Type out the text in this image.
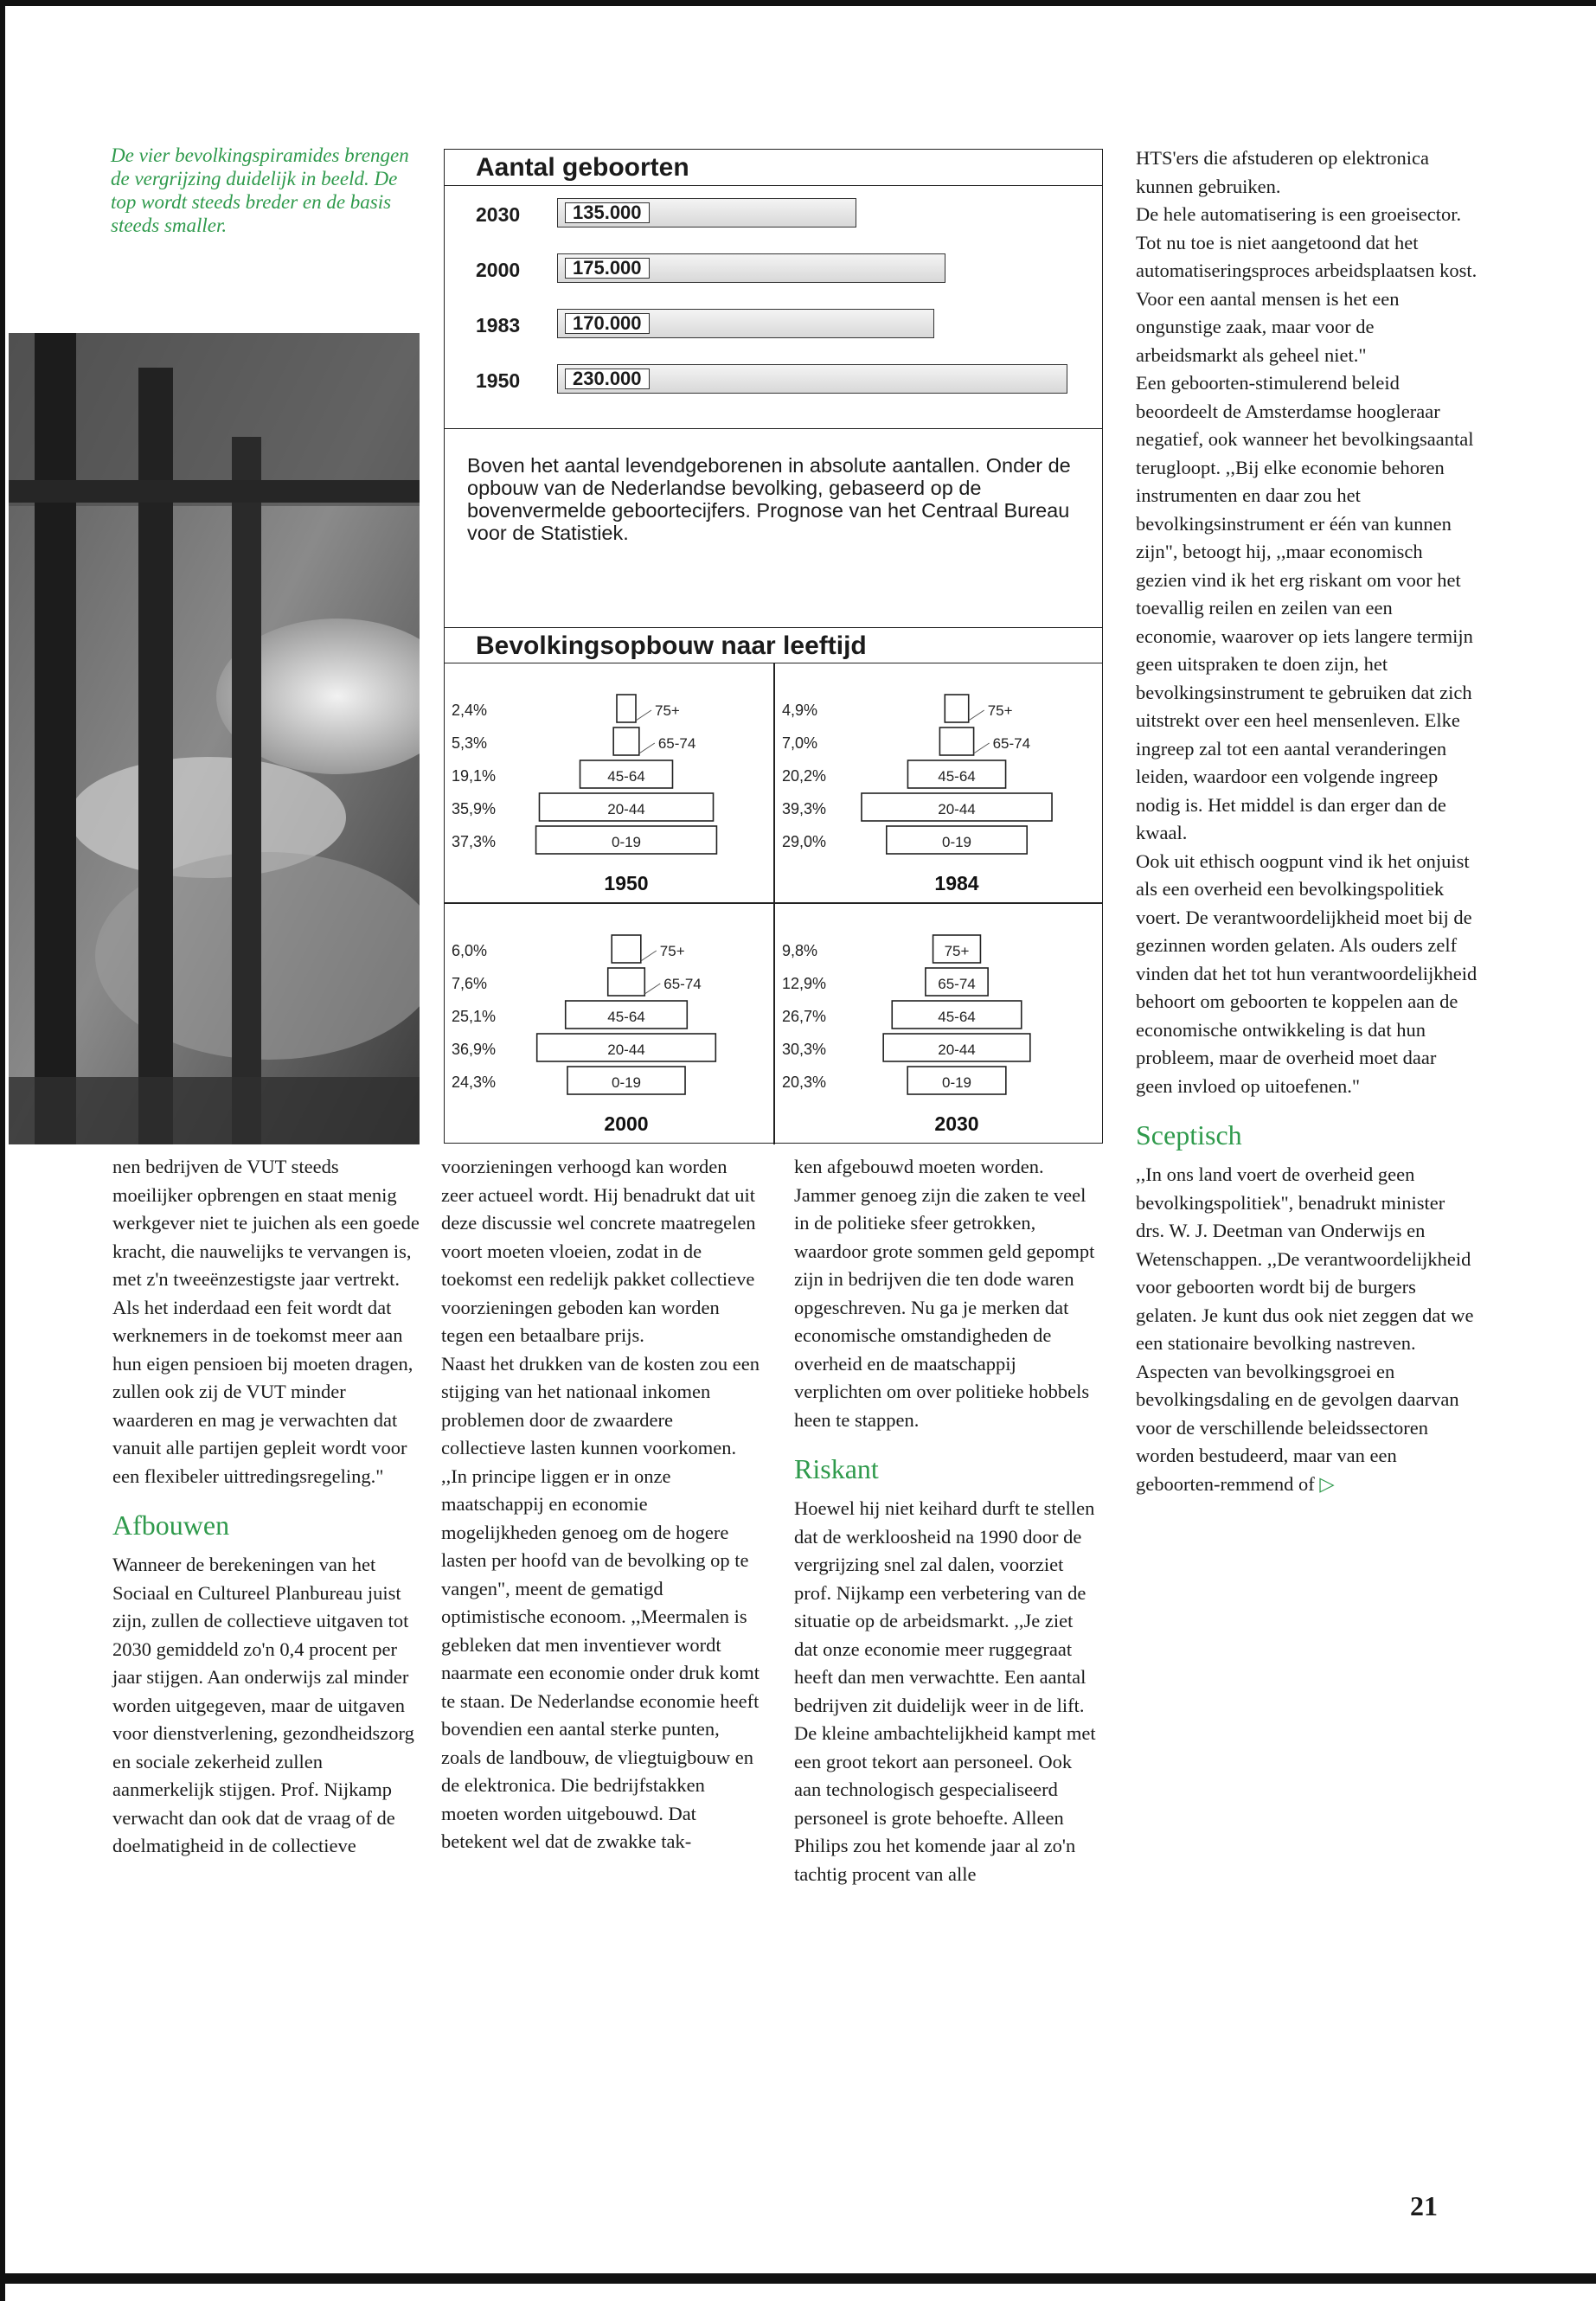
De vier bevolkingspiramides brengen de vergrijzing duidelijk in beeld. De top wordt steeds breder en de basis steeds smaller.
Aantal geboorten
2030	135.000
2000	175.000
1983	170.000
1950	230.000
Boven het aantal levendgeborenen in absolute aantallen. Onder de opbouw van de Nederlandse bevolking, gebaseerd op de bovenvermelde geboortecijfers. Prognose van het Centraal Bureau voor de Statistiek.
Bevolkingsopbouw naar leeftijd
37,3%	0-19
35,9%	20-44
19,1%	45-64
5,3%	65-74
2,4%	75+
1950
29,0%	0-19
39,3%	20-44
20,2%	45-64
7,0%	65-74
4,9%	75+
1984
24,3%	0-19
36,9%	20-44
25,1%	45-64
7,6%	65-74
6,0%	75+
2000
20,3%	0-19
30,3%	20-44
26,7%	45-64
12,9%	65-74
9,8%	75+
2030

nen bedrijven de VUT steeds moeilijker opbrengen en staat menig werkgever niet te juichen als een goede kracht, die nauwelijks te vervangen is, met z'n tweeënzestigste jaar vertrekt. Als het inderdaad een feit wordt dat werknemers in de toekomst meer aan hun eigen pensioen bij moeten dragen, zullen ook zij de VUT minder waarderen en mag je verwachten dat vanuit alle partijen gepleit wordt voor een flexibeler uittredingsregeling."

Afbouwen

Wanneer de berekeningen van het Sociaal en Cultureel Planbureau juist zijn, zullen de collectieve uitgaven tot 2030 gemiddeld zo'n 0,4 procent per jaar stijgen. Aan onderwijs zal minder worden uitgegeven, maar de uitgaven voor dienstverlening, gezondheidszorg en sociale zekerheid zullen aanmerkelijk stijgen. Prof. Nijkamp verwacht dan ook dat de vraag of de doelmatigheid in de collectieve

voorzieningen verhoogd kan worden zeer actueel wordt. Hij benadrukt dat uit deze discussie wel concrete maatregelen voort moeten vloeien, zodat in de toekomst een redelijk pakket collectieve voorzieningen geboden kan worden tegen een betaalbare prijs.

Naast het drukken van de kosten zou een stijging van het nationaal inkomen problemen door de zwaardere collectieve lasten kunnen voorkomen. ,,In principe liggen er in onze maatschappij en economie mogelijkheden genoeg om de hogere lasten per hoofd van de bevolking op te vangen", meent de gematigd optimistische econoom. ,,Meermalen is gebleken dat men inventiever wordt naarmate een economie onder druk komt te staan. De Nederlandse economie heeft bovendien een aantal sterke punten, zoals de landbouw, de vliegtuigbouw en de elektronica. Die bedrijfstakken moeten worden uitgebouwd. Dat betekent wel dat de zwakke tak-

ken afgebouwd moeten worden. Jammer genoeg zijn die zaken te veel in de politieke sfeer getrokken, waardoor grote sommen geld gepompt zijn in bedrijven die ten dode waren opgeschreven. Nu ga je merken dat economische omstandigheden de overheid en de maatschappij verplichten om over politieke hobbels heen te stappen.

Riskant

Hoewel hij niet keihard durft te stellen dat de werkloosheid na 1990 door de vergrijzing snel zal dalen, voorziet prof. Nijkamp een verbetering van de situatie op de arbeidsmarkt. ,,Je ziet dat onze economie meer ruggegraat heeft dan men verwachtte. Een aantal bedrijven zit duidelijk weer in de lift. De kleine ambachtelijkheid kampt met een groot tekort aan personeel. Ook aan technologisch gespecialiseerd personeel is grote behoefte. Alleen Philips zou het komende jaar al zo'n tachtig procent van alle

HTS'ers die afstuderen op elektronica kunnen gebruiken.

De hele automatisering is een groeisector. Tot nu toe is niet aangetoond dat het automatiseringsproces arbeidsplaatsen kost. Voor een aantal mensen is het een ongunstige zaak, maar voor de arbeidsmarkt als geheel niet."

Een geboorten-stimulerend beleid beoordeelt de Amsterdamse hoogleraar negatief, ook wanneer het bevolkingsaantal terugloopt. ,,Bij elke economie behoren instrumenten en daar zou het bevolkingsinstrument er één van kunnen zijn", betoogt hij, ,,maar economisch gezien vind ik het erg riskant om voor het toevallig reilen en zeilen van een economie, waarover op iets langere termijn geen uitspraken te doen zijn, het bevolkingsinstrument te gebruiken dat zich uitstrekt over een heel mensenleven. Elke ingreep zal tot een aantal veranderingen leiden, waardoor een volgende ingreep nodig is. Het middel is dan erger dan de kwaal.

Ook uit ethisch oogpunt vind ik het onjuist als een overheid een bevolkingspolitiek voert. De verantwoordelijkheid moet bij de gezinnen worden gelaten. Als ouders zelf vinden dat het tot hun verantwoordelijkheid behoort om geboorten te koppelen aan de economische ontwikkeling is dat hun probleem, maar de overheid moet daar geen invloed op uitoefenen."

Sceptisch

,,In ons land voert de overheid geen bevolkingspolitiek", benadrukt minister drs. W. J. Deetman van Onderwijs en Wetenschappen. ,,De verantwoordelijkheid voor geboorten wordt bij de burgers gelaten. Je kunt dus ook niet zeggen dat we een stationaire bevolking nastreven. Aspecten van bevolkingsgroei en bevolkingsdaling en de gevolgen daarvan voor de verschillende beleidssectoren worden bestudeerd, maar van een geboorten-remmend of ▷

21
